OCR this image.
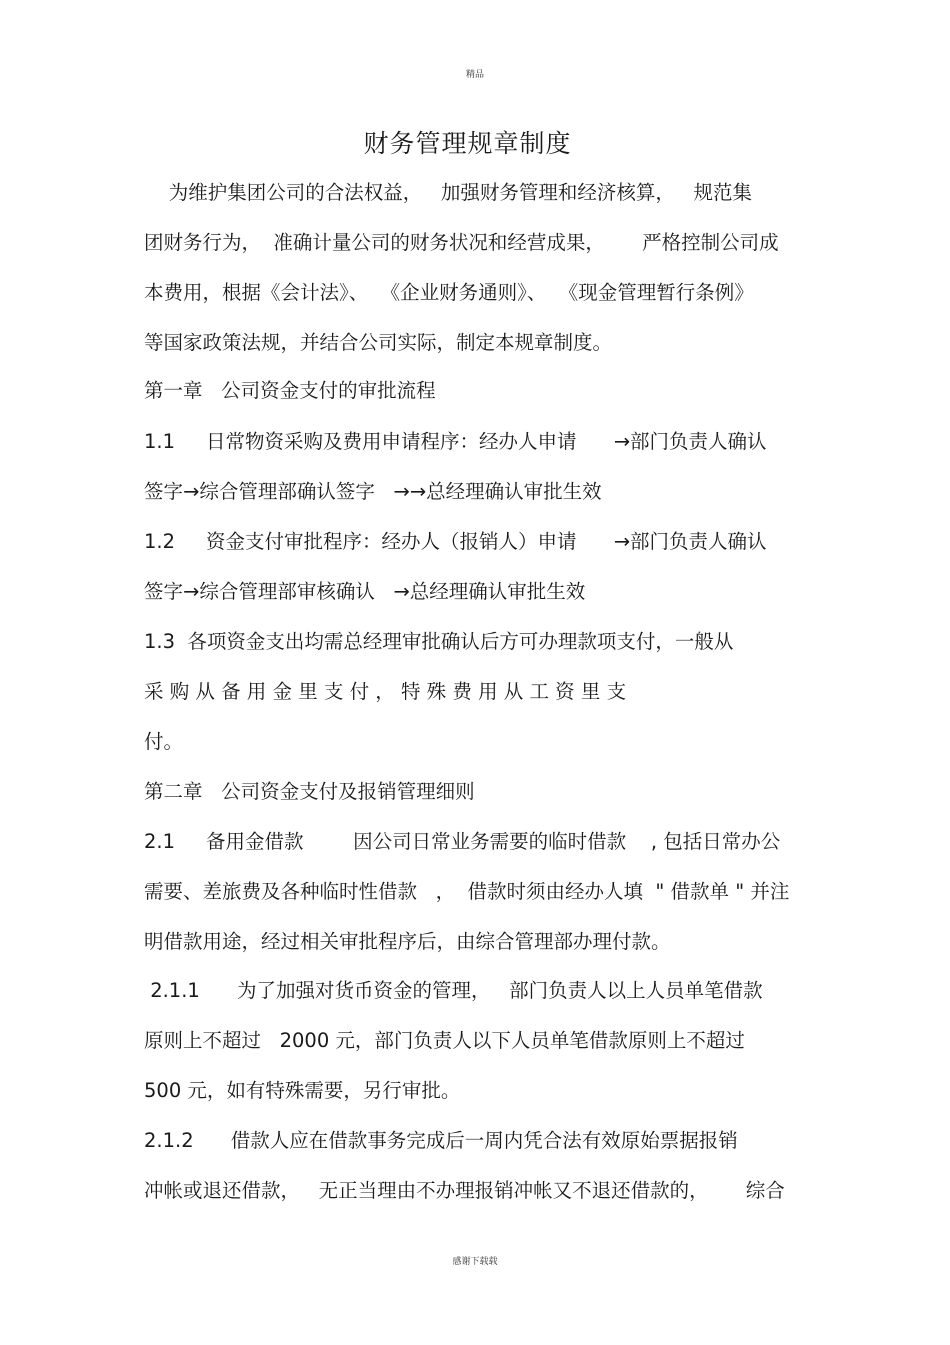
精品
财务管理规章制度
为维护集团公司的合法权益，   加强财务管理和经济核算，   规范集
团财务行为，  准确计量公司的财务状况和经营成果，      严格控制公司成
本费用，根据《会计法》、  《企业财务通则》、  《现金管理暂行条例》
等国家政策法规，并结合公司实际，制定本规章制度。
第一章   公司资金支付的审批流程
1.1     日常物资采购及费用申请程序：经办人申请      →部门负责人确认
签字→综合管理部确认签字   →→总经理确认审批生效
1.2     资金支付审批程序：经办人（报销人）申请      →部门负责人确认
签字→综合管理部审核确认   →总经理确认审批生效
1.3  各项资金支出均需总经理审批确认后方可办理款项支付，一般从
采 购 从 备 用 金 里 支 付 ， 特 殊 费 用 从 工 资 里 支
付。
第二章   公司资金支付及报销管理细则
2.1     备用金借款        因公司日常业务需要的临时借款    , 包括日常办公
需要、差旅费及各种临时性借款   ，  借款时须由经办人填  " 借款单 " 并注
明借款用途，经过相关审批程序后，由综合管理部办理付款。
2.1.1      为了加强对货币资金的管理，   部门负责人以上人员单笔借款
原则上不超过   2000 元，部门负责人以下人员单笔借款原则上不超过
500 元，如有特殊需要，另行审批。
2.1.2      借款人应在借款事务完成后一周内凭合法有效原始票据报销
冲帐或退还借款，   无正当理由不办理报销冲帐又不退还借款的，      综合
感谢下载载
